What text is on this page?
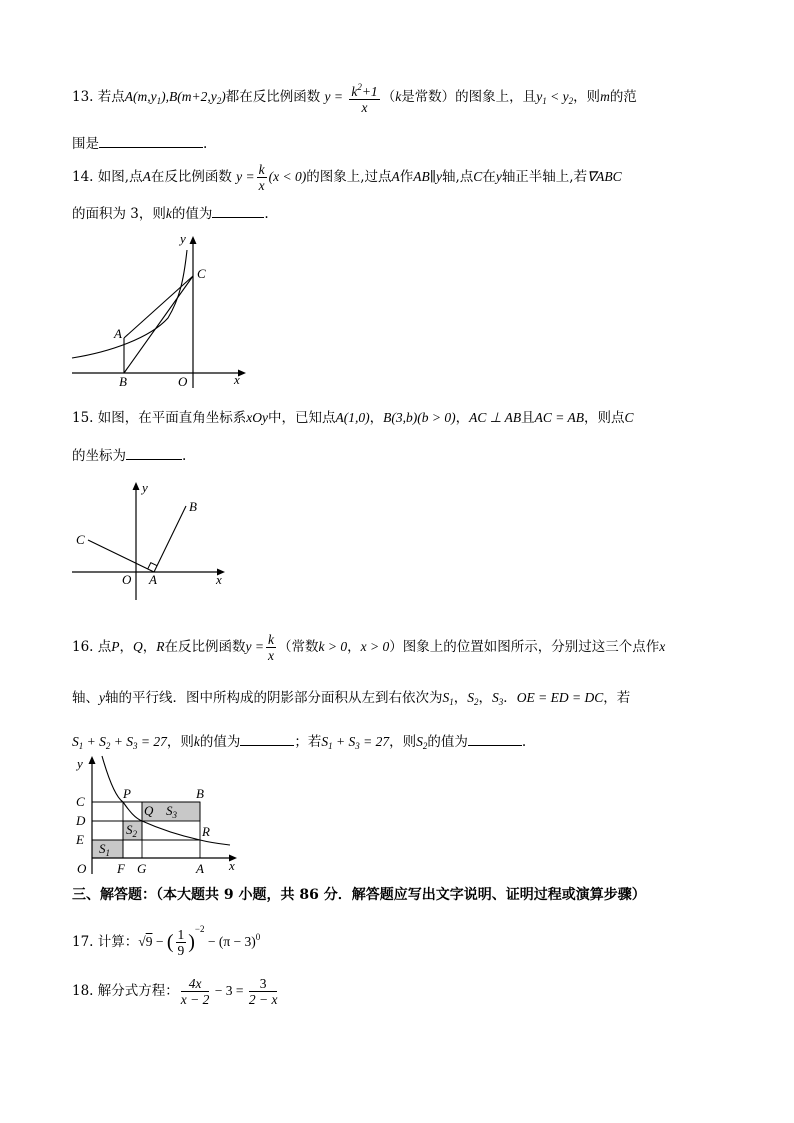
13. 若点$A(m,y_1),B(m+2,y_2)$都在反比例函数 $y = \frac{k^2+1}{x} (k$是常数）的图象上，且$y_1 < y_2$，则m的范
围是	.
14. 如图,点A在反比例函数 $y = \frac{k}{x} (x < 0)$的图象上,过点A作AB∥y轴,点C在y轴正半轴上,若∇ABC
的面积为 3，则k的值为	.
y
x
A
B
C
O
15. 如图，在平面直角坐标系xOy中，已知点A(1,0)，B(3,b)(b > 0)，AC ⊥ AB且AC = AB，则点C
的坐标为	.
y
x
B
C
O A
16. 点P，Q，R在反比例函数$y = \frac{k}{x}$ （常数k > 0，x > 0）图象上的位置如图所示，分别过这三个点作x
轴、y轴的平行线．图中所构成的阴影部分面积从左到右依次为$S_1$，$S_2$，$S_3$．OE = ED = DC，若
$S_1 + S_2 + S_3 = 27$，则k的值为	；若$S_1 + S_3 = 27$，则$S_2$的值为	.
y
x
O
C
D
E
P	B
Q $S_3$
$S_2$	R
$S_1$
F G	A
三、解答题：（本大题共 9 小题，共 86 分．解答题应写出文字说明、证明过程或演算步骤）
17. 计算：√9 − ( $\frac{1}{9} )^{-2} - (\pi - 3)^0$
18. 解分式方程： $\frac{4x}{x - 2} - 3 = \frac{3}{2 - x}$
